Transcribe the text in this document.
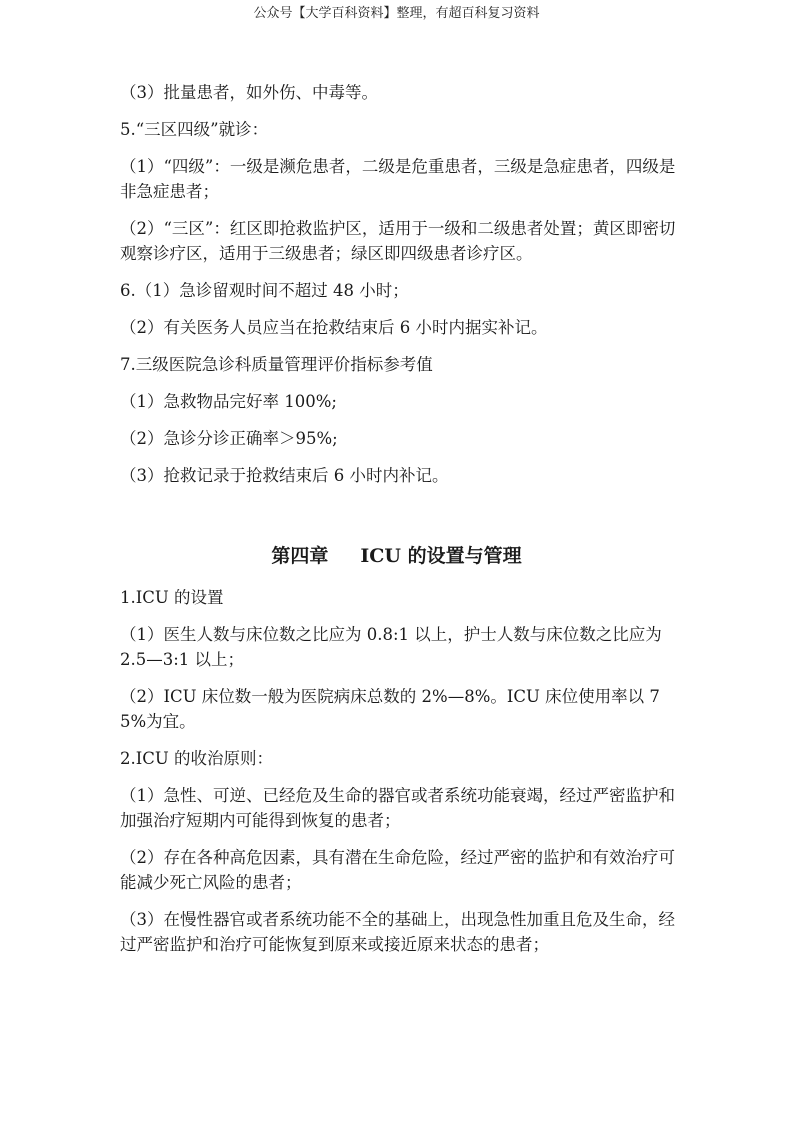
公众号【大学百科资料】整理，有超百科复习资料

（3）批量患者，如外伤、中毒等。

5.“三区四级”就诊：

（1）“四级”：一级是濒危患者，二级是危重患者，三级是急症患者，四级是非急症患者；

（2）“三区”：红区即抢救监护区，适用于一级和二级患者处置；黄区即密切观察诊疗区，适用于三级患者；绿区即四级患者诊疗区。

6.（1）急诊留观时间不超过 48 小时；

（2）有关医务人员应当在抢救结束后 6 小时内据实补记。

7.三级医院急诊科质量管理评价指标参考值

（1）急救物品完好率 100%;

（2）急诊分诊正确率＞95%;

（3）抢救记录于抢救结束后 6 小时内补记。

第四章 ICU 的设置与管理

1.ICU 的设置

（1）医生人数与床位数之比应为 0.8:1 以上，护士人数与床位数之比应为 2.5—3:1 以上；

（2）ICU 床位数一般为医院病床总数的 2%—8%。ICU 床位使用率以 75%为宜。

2.ICU 的收治原则：

（1）急性、可逆、已经危及生命的器官或者系统功能衰竭，经过严密监护和加强治疗短期内可能得到恢复的患者；

（2）存在各种高危因素，具有潜在生命危险，经过严密的监护和有效治疗可能减少死亡风险的患者；

（3）在慢性器官或者系统功能不全的基础上，出现急性加重且危及生命，经过严密监护和治疗可能恢复到原来或接近原来状态的患者；
